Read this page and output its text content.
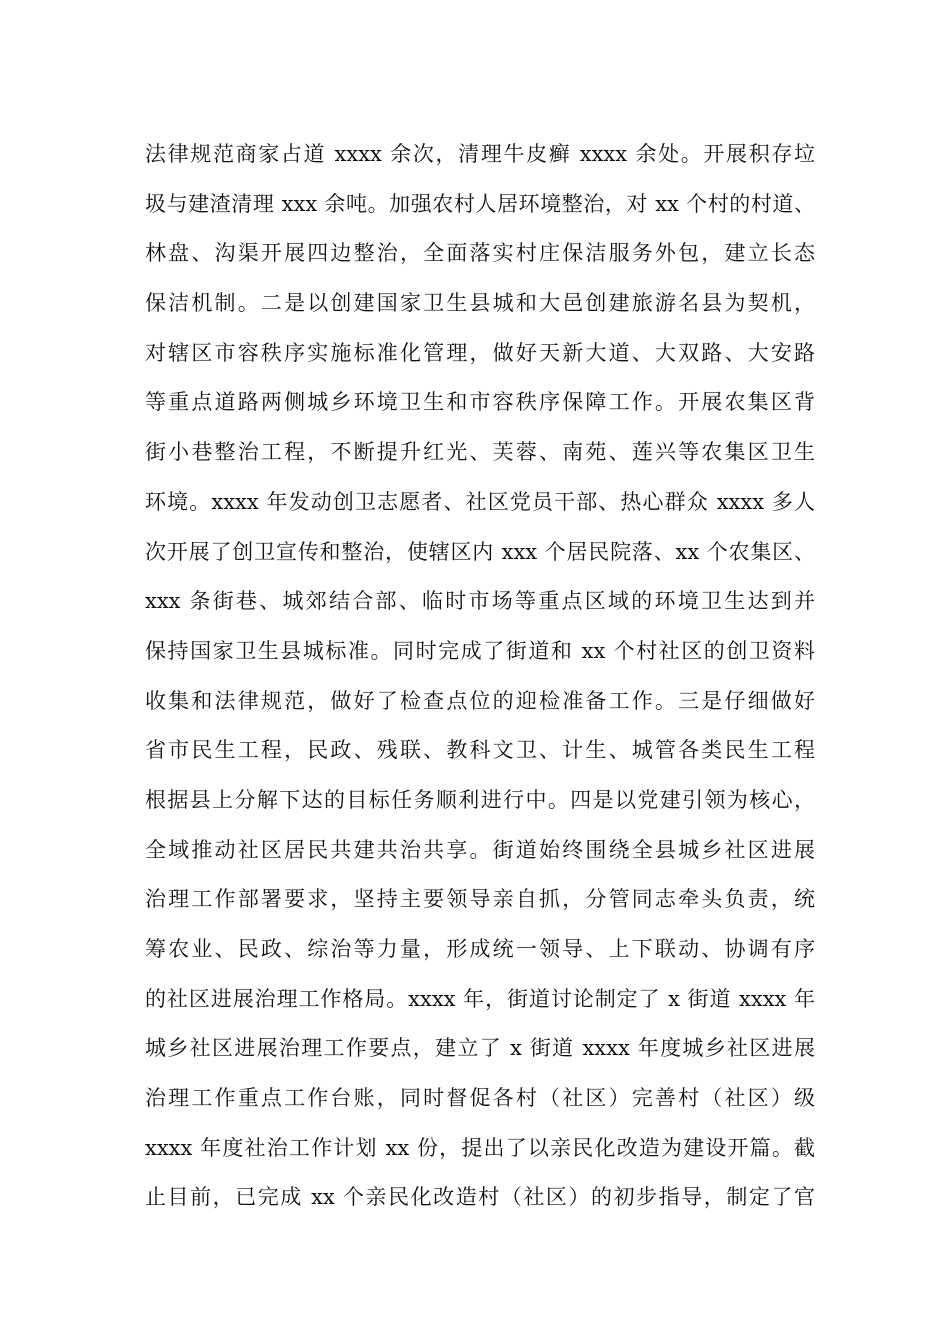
法律规范商家占道 xxxx 余次，清理牛皮癣 xxxx 余处。开展积存垃
圾与建渣清理 xxx 余吨。加强农村人居环境整治，对 xx 个村的村道、
林盘、沟渠开展四边整治，全面落实村庄保洁服务外包，建立长态
保洁机制。二是以创建国家卫生县城和大邑创建旅游名县为契机，
对辖区市容秩序实施标准化管理，做好天新大道、大双路、大安路
等重点道路两侧城乡环境卫生和市容秩序保障工作。开展农集区背
街小巷整治工程，不断提升红光、芙蓉、南苑、莲兴等农集区卫生
环境。xxxx 年发动创卫志愿者、社区党员干部、热心群众 xxxx 多人
次开展了创卫宣传和整治，使辖区内 xxx 个居民院落、xx 个农集区、
xxx 条街巷、城郊结合部、临时市场等重点区域的环境卫生达到并
保持国家卫生县城标准。同时完成了街道和 xx 个村社区的创卫资料
收集和法律规范，做好了检查点位的迎检准备工作。三是仔细做好
省市民生工程，民政、残联、教科文卫、计生、城管各类民生工程
根据县上分解下达的目标任务顺利进行中。四是以党建引领为核心，
全域推动社区居民共建共治共享。街道始终围绕全县城乡社区进展
治理工作部署要求，坚持主要领导亲自抓，分管同志牵头负责，统
筹农业、民政、综治等力量，形成统一领导、上下联动、协调有序
的社区进展治理工作格局。xxxx 年，街道讨论制定了 x 街道 xxxx 年
城乡社区进展治理工作要点，建立了 x 街道 xxxx 年度城乡社区进展
治理工作重点工作台账，同时督促各村（社区）完善村（社区）级
xxxx 年度社治工作计划 xx 份，提出了以亲民化改造为建设开篇。截
止目前，已完成 xx 个亲民化改造村（社区）的初步指导，制定了官
